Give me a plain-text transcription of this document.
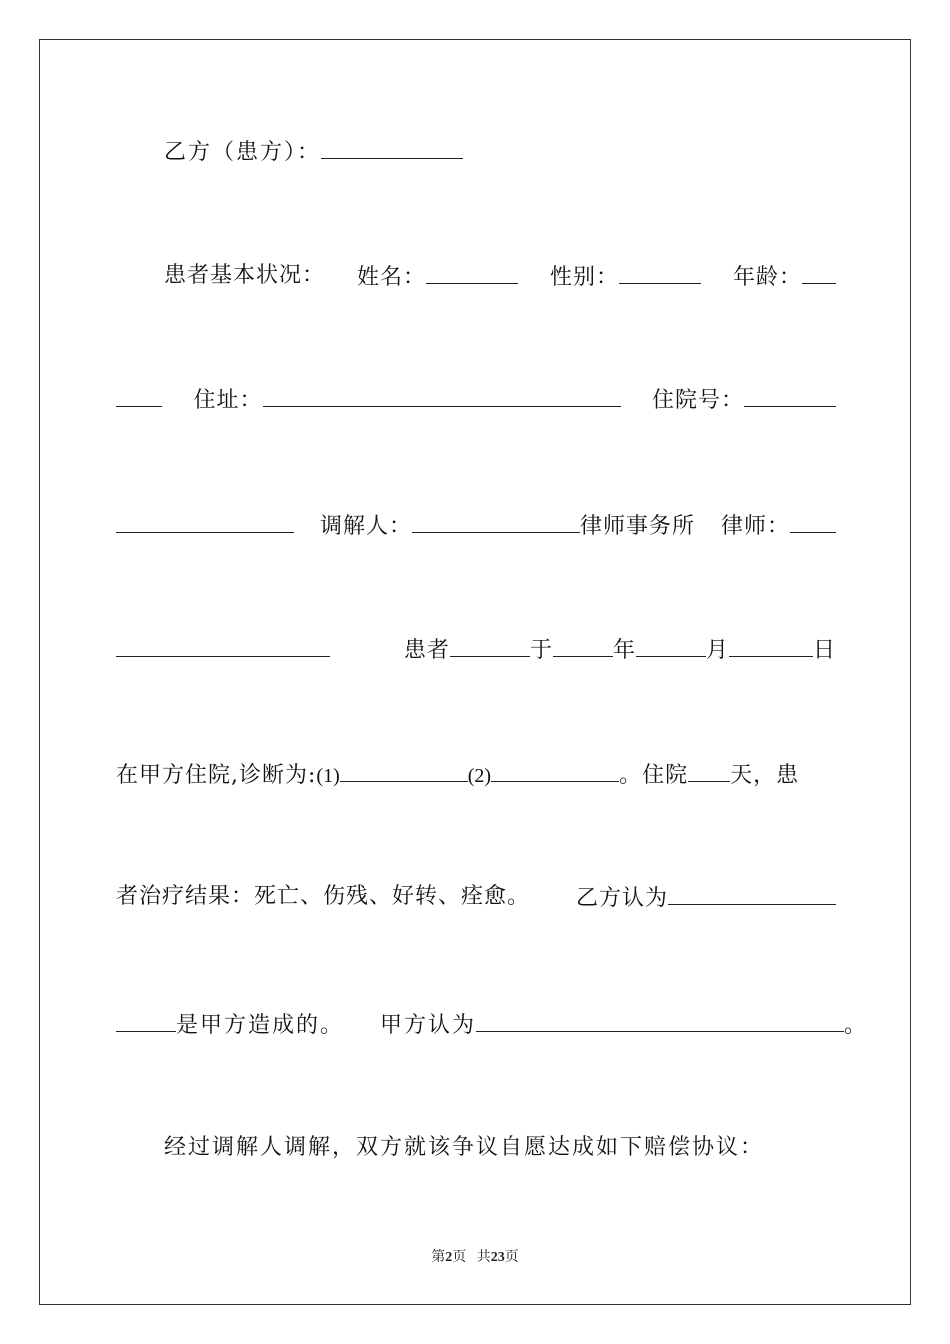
乙方（患方）：
患者基本状况： 姓名：	性别：	年龄：
住址：	住院号：
调解人：	律师事务所 律师：
患者	于	年	月	日
在甲方住院,诊断为:(1)	(2)	。住院 天，患
者治疗结果：死亡、伤残、好转、痊愈。 乙方认为
是甲方造成的。 甲方认为	。
经过调解人调解，双方就该争议自愿达成如下赔偿协议：
第2页 共23页
